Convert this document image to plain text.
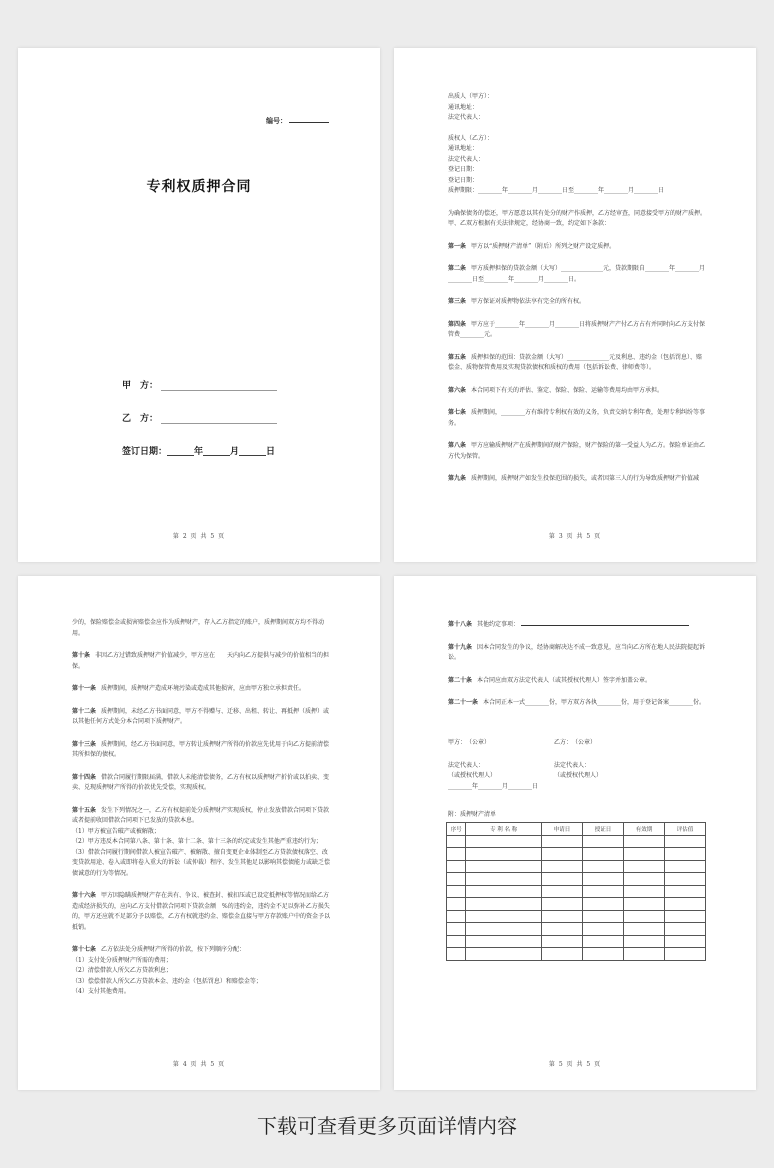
编号：
专利权质押合同
甲　方：
乙　方：
签订日期：______年______月______日
第 2 页 共 5 页
出质人（甲方）：
通讯地址：
法定代表人：
质权人（乙方）：
通讯地址：
法定代表人：
登记日期：
登记日期：
质押期限：________年________月________日至________年________月________日
为确保债务的偿还，甲方愿意以其有处分的财产作质押，乙方经审查，同意接受甲方的财产质押。甲、乙双方根据有关法律规定，经协商一致，约定如下条款：
第一条 甲方以“质押财产清单”（附后）所列之财产设定质押。
第二条 甲方质押担保的贷款金额（大写）______________元，贷款期限自________年________月________日至________年________月________日。
第三条 甲方保证对质押物依法享有完全的所有权。
第四条 甲方应于________年________月________日将质押财产产付乙方占有并同时向乙方支付保管费________元。
第五条 质押担保的范围：贷款金额（大写）______________元及利息、违约金（包括罚息）、赔偿金、质物保管费用及实现贷款债权和质权的费用（包括诉讼费、律师费等）。
第六条 本合同项下有关的评估、鉴定、保险、保险、运输等费用均由甲方承担。
第七条 质押期间，________方有维持专利权有效的义务，负责交纳专利年费，处理专利纠纷等事务。
第八条 甲方应输质押财产在质押期间的财产保险，财产保险的第一受益人为乙方。保险单证由乙方代为保管。
第九条 质押期间，质押财产如发生投保范围的损失，或者因第三人的行为导致质押财产价值减
第 3 页 共 5 页
少的，保险赔偿金或损害赔偿金应作为质押财产，存入乙方指定的账户，质押期间双方均不得动用。
第十条 非因乙方过错致质押财产价值减少，甲方应在　　天内向乙方提供与减少的价值相当的担保。
第十一条 质押期间，质押财产造成环境污染或造成其他损害，应由甲方独立承担责任。
第十二条 质押期间，未经乙方书面同意，甲方不得赠与、迁移、出租、转让、再抵押（质押）或以其他任何方式处分本合同项下质押财产。
第十三条 质押期间，经乙方书面同意，甲方转让质押财产所得的价款应先优用于向乙方提前清偿其所担保的债权。
第十四条 借款合同履行期限届满，借款人未能清偿债务，乙方有权以质押财产折价或以拍卖、变卖、兑现质押财产所得的价款优先受偿，实现质权。
第十五条 发生下列情况之一，乙方有权提前处分质押财产实现质权，停止发放借款合同项下贷款或者提前收回借款合同项下已发放的贷款本息。
（1）甲方被宣告破产或被解散；
（2）甲方违反本合同第八条、第十条、第十二条、第十三条的约定或发生其他严重违约行为；
（3）借款合同履行期间借款人被宣告破产、被解散、擅自变更企业体制至乙方贷款债权落空、改变贷款用途、卷入或即将卷入重大的诉讼（或仲裁）程序、发生其他足以影响其偿债能力或缺乏偿债诚意的行为等情况。
第十六条 甲方因隐瞒质押财产存在共有、争议、被查封、被扣压或已设定抵押权等情况而给乙方造成经济损失的，应向乙方支付借款合同项下贷款金额　%的违约金，违约金不足以弥补乙方损失的，甲方还应就不足部分予以赔偿，乙方有权就违约金、赔偿金直接与甲方存款账户中的资金予以抵销。
第十七条 乙方依法处分质押财产所得的价款，按下列顺序分配：
（1）支付处分质押财产所需的费用；
（2）清偿借款人所欠乙方贷款利息；
（3）偿偿借款人所欠乙方贷款本金、违约金（包括罚息）和赔偿金等；
（4）支付其他费用。
第 4 页 共 5 页
第十八条 其他约定事项：
第十九条 因本合同发生的争议，经协商解决达不成一致意见，应当向乙方所在地人民法院提起诉讼。
第二十条 本合同应由双方法定代表人（或其授权代理人）签字并加盖公章。
第二十一条 本合同正本一式________份，甲方双方各执________份，用于登记备案________份。
甲方：　（公章）
法定代表人：
（或授权代理人）
________年________月________日
乙方：　（公章）
法定代表人：
（或授权代理人）
附：质押财产清单
序号	专 利 名 称	申请日	授证日	有效期	评估值

第 5 页 共 5 页
下载可查看更多页面详情内容
